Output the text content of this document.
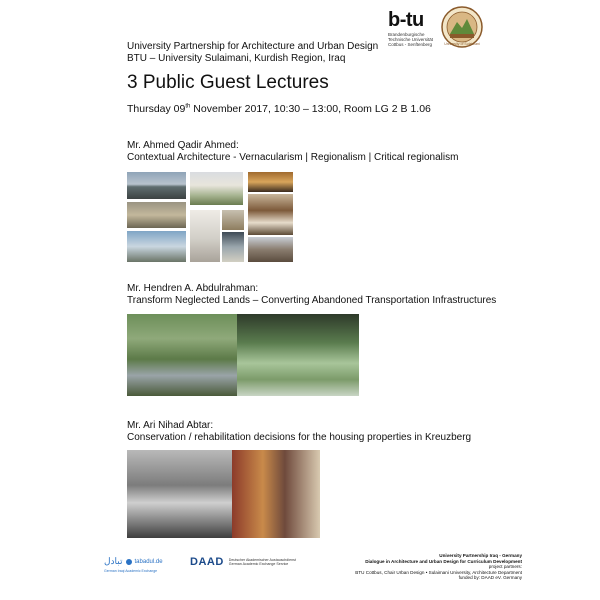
b-tu
Brandenburgische
Technische Universität
Cottbus - Senftenberg	University of Sulaimani
University Partnership for Architecture and Urban Design
BTU – University Sulaimani, Kurdish Region, Iraq
3 Public Guest Lectures
Thursday 09th November 2017, 10:30 – 13:00, Room LG 2 B 1.06
Mr. Ahmed Qadir Ahmed:
Contextual Architecture - Vernacularism | Regionalism | Critical regionalism
Mr. Hendren A. Abdulrahman:
Transform Neglected Lands – Converting Abandoned Transportation Infrastructures
Mr. Ari Nihad Abtar:
Conservation / rehabilitation decisions for the housing properties in Kreuzberg
تبادل tabadul.de
German Iraqi Academic Exchange
DAAD Deutscher Akademischer Austauschdienst
German Academic Exchange Service
University Partnership Iraq - Germany
Dialogue in Architecture and Urban Design for Curriculum Development
project partners:
BTU Cottbus, Chair Urban Design • Sulaimani University, Architecture Department
funded by: DAAD eV. Germany
